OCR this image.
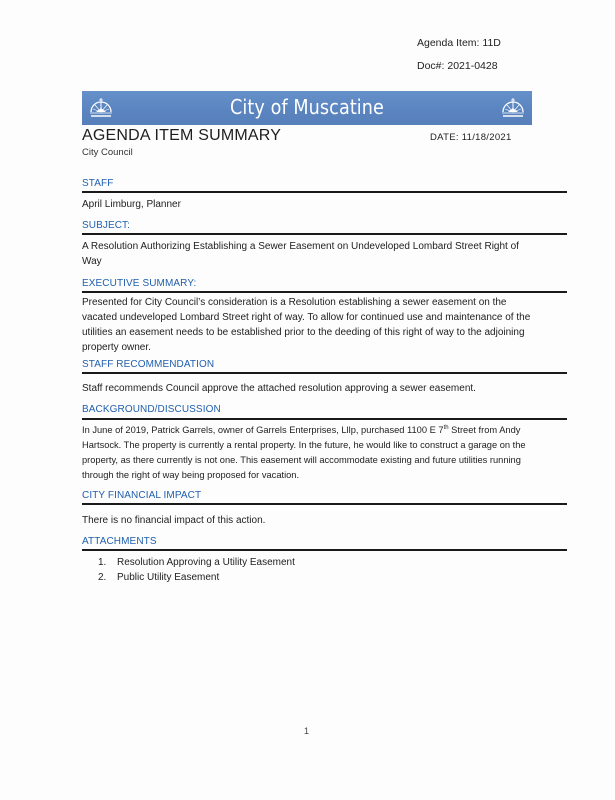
Agenda Item: 11D
Doc#: 2021-0428
City of Muscatine
AGENDA ITEM SUMMARY
City Council
DATE: 11/18/2021
STAFF
April Limburg, Planner
SUBJECT:
A Resolution Authorizing Establishing a Sewer Easement on Undeveloped Lombard Street Right of Way
EXECUTIVE SUMMARY:
Presented for City Council’s consideration is a Resolution establishing a sewer easement on the vacated undeveloped Lombard Street right of way. To allow for continued use and maintenance of the utilities an easement needs to be established prior to the deeding of this right of way to the adjoining property owner.
STAFF RECOMMENDATION
Staff recommends Council approve the attached resolution approving a sewer easement.
BACKGROUND/DISCUSSION
In June of 2019, Patrick Garrels, owner of Garrels Enterprises, Lllp, purchased 1100 E 7th Street from Andy Hartsock. The property is currently a rental property. In the future, he would like to construct a garage on the property, as there currently is not one. This easement will accommodate existing and future utilities running through the right of way being proposed for vacation.
CITY FINANCIAL IMPACT
There is no financial impact of this action.
ATTACHMENTS
1.	Resolution Approving a Utility Easement
2.	Public Utility Easement
1
